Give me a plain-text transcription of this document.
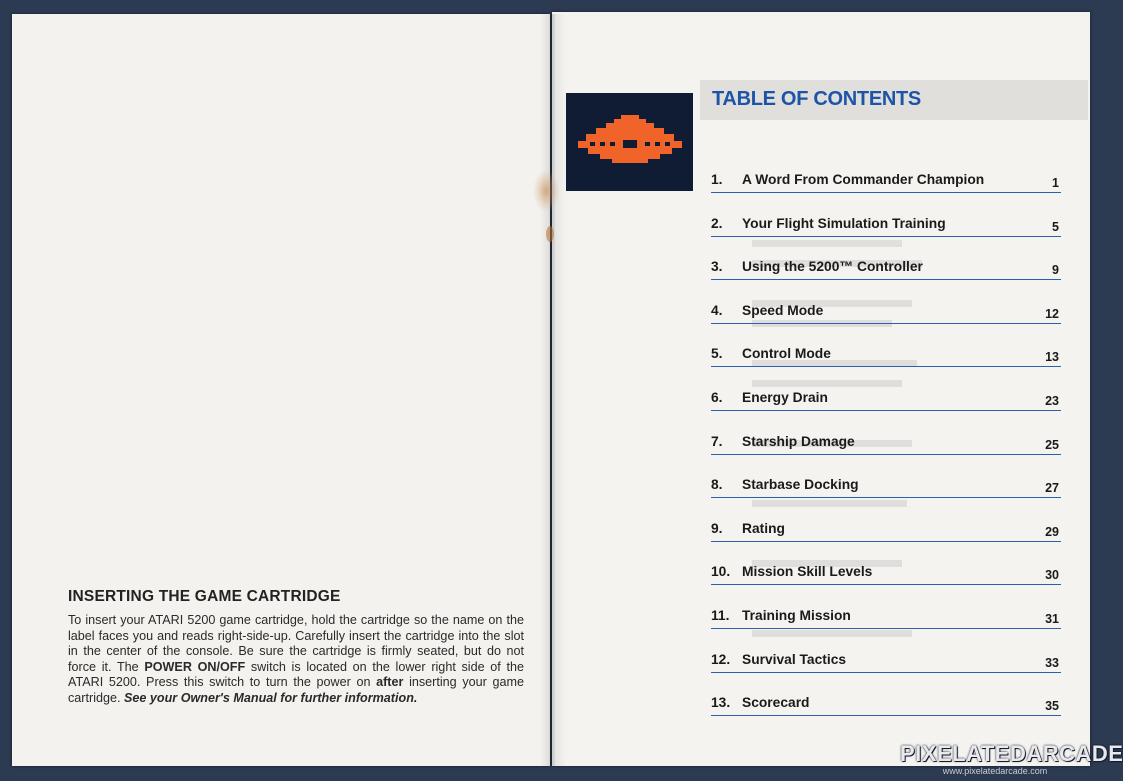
INSERTING THE GAME CARTRIDGE
To insert your ATARI 5200 game cartridge, hold the cartridge so the name on the label faces you and reads right-side-up. Carefully insert the cartridge into the slot in the center of the console. Be sure the cartridge is firmly seated, but do not force it. The POWER ON/OFF switch is located on the lower right side of the ATARI 5200. Press this switch to turn the power on after inserting your game cartridge. See your Owner's Manual for further information.
TABLE OF CONTENTS
1. A Word From Commander Champion	1
2. Your Flight Simulation Training	5
3. Using the 5200™ Controller	9
4. Speed Mode	12
5. Control Mode	13
6. Energy Drain	23
7. Starship Damage	25
8. Starbase Docking	27
9. Rating	29
10. Mission Skill Levels	30
11. Training Mission	31
12. Survival Tactics	33
13. Scorecard	35
PIXELATEDARCADE
www.pixelatedarcade.com
